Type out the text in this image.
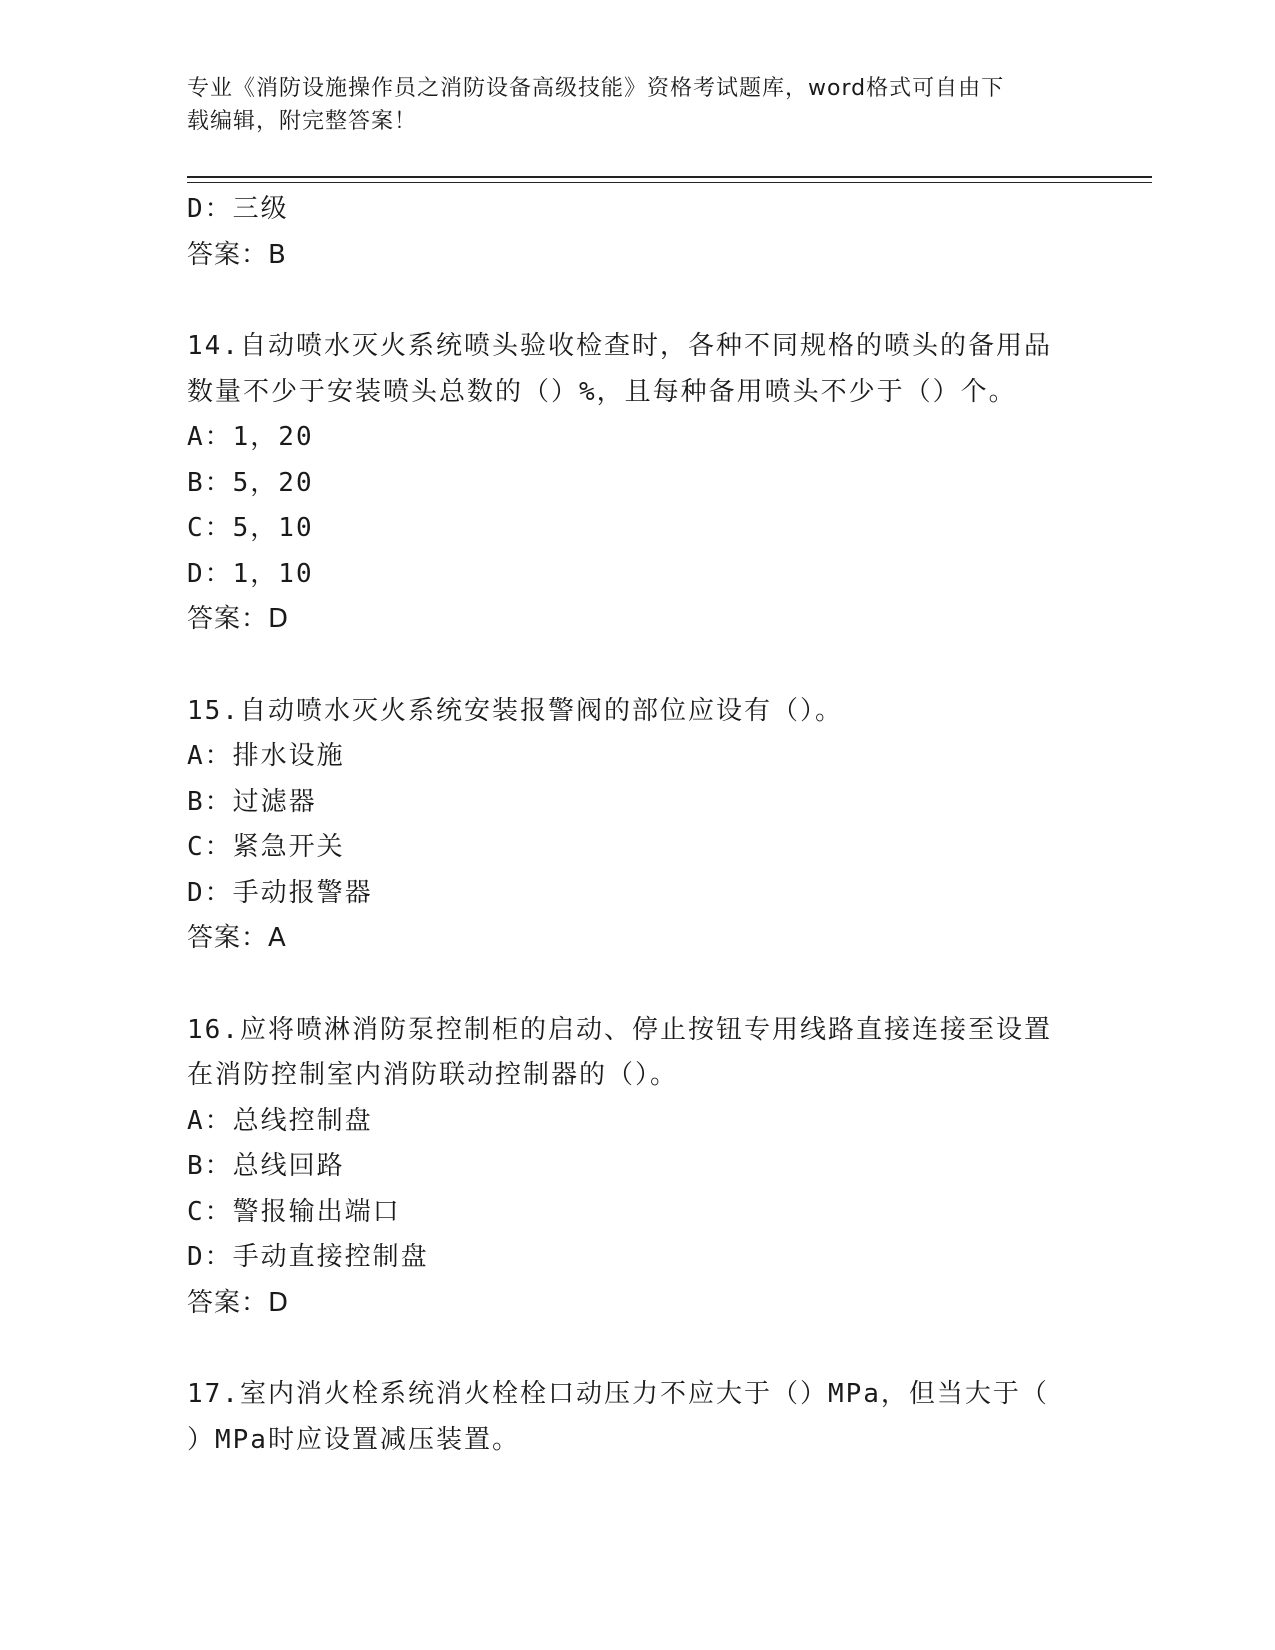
专业《消防设施操作员之消防设备高级技能》资格考试题库，word格式可自由下
载编辑，附完整答案！
D：三级
答案：B
14.自动喷水灭火系统喷头验收检查时，各种不同规格的喷头的备用品
数量不少于安装喷头总数的（）%，且每种备用喷头不少于（）个。
A：1，20
B：5，20
C：5，10
D：1，10
答案：D
15.自动喷水灭火系统安装报警阀的部位应设有（）。
A：排水设施
B：过滤器
C：紧急开关
D：手动报警器
答案：A
16.应将喷淋消防泵控制柜的启动、停止按钮专用线路直接连接至设置
在消防控制室内消防联动控制器的（）。
A：总线控制盘
B：总线回路
C：警报输出端口
D：手动直接控制盘
答案：D
17.室内消火栓系统消火栓栓口动压力不应大于（）MPa，但当大于（
）MPa时应设置减压装置。
